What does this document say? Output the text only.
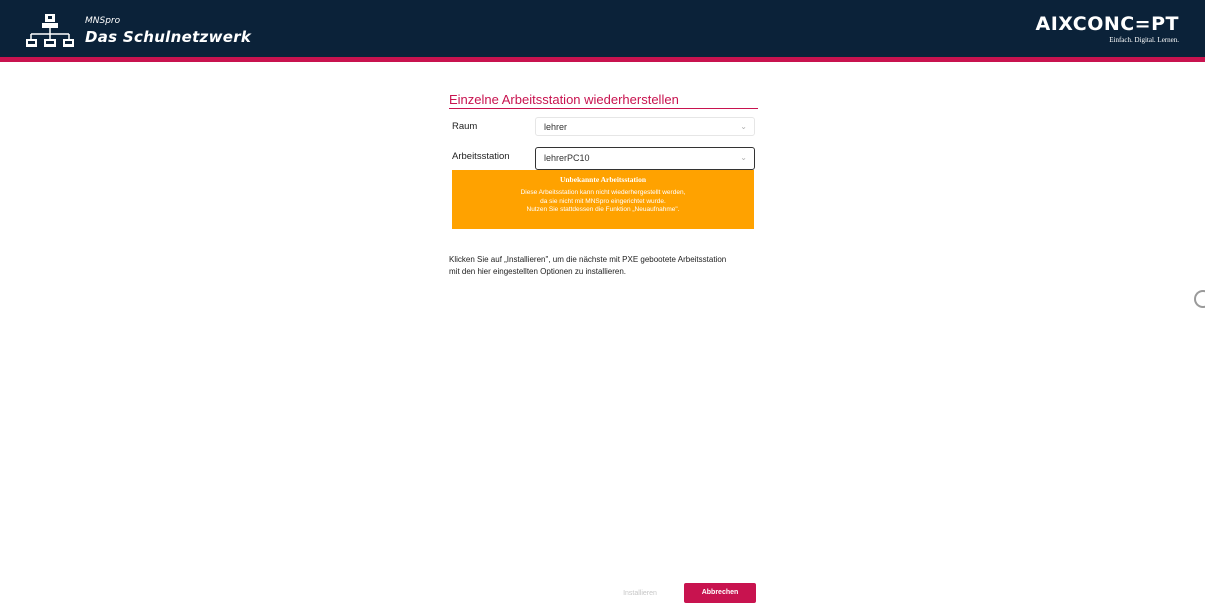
MNSpro
Das Schulnetzwerk
AIXCONC=PT
Einfach. Digital. Lernen.
Einzelne Arbeitsstation wiederherstellen
Raum	lehrer	⌄
Arbeitsstation	lehrerPC10	⌄
Unbekannte Arbeitsstation
Diese Arbeitsstation kann nicht wiederhergestellt werden,
da sie nicht mit MNSpro eingerichtet wurde.
Nutzen Sie stattdessen die Funktion „Neuaufnahme".
Klicken Sie auf „Installieren", um die nächste mit PXE gebootete Arbeitsstation
mit den hier eingestellten Optionen zu installieren.
Installieren	Abbrechen
